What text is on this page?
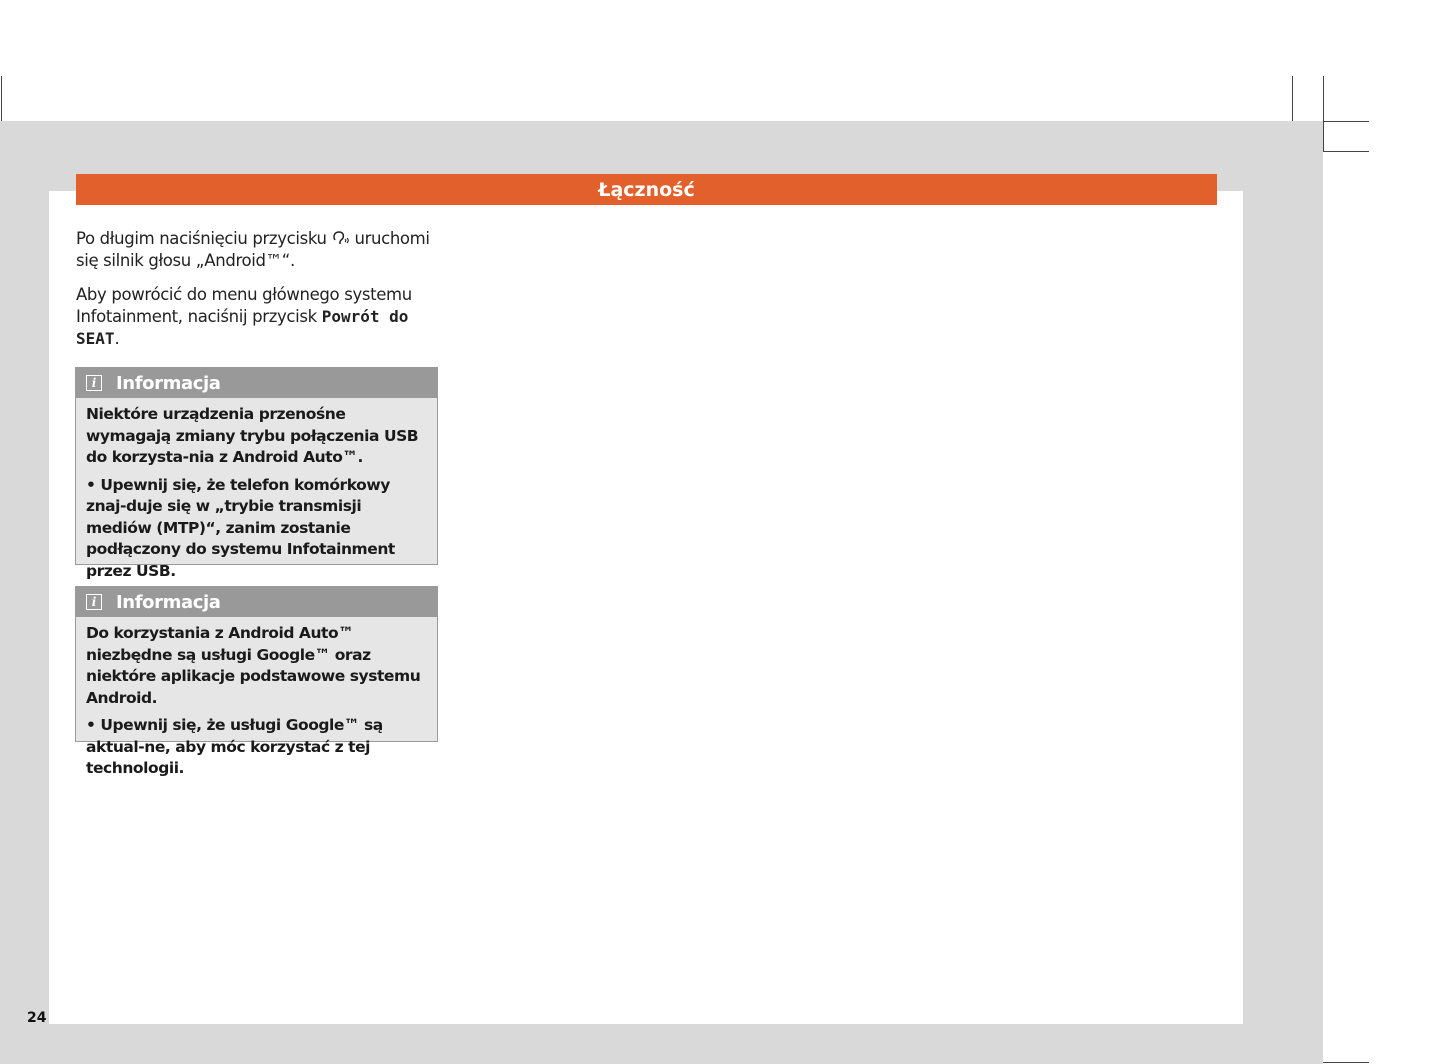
Łączność
Po długim naciśnięciu przycisku  uruchomi się silnik głosu „Android™“.
Aby powrócić do menu głównego systemu Infotainment, naciśnij przycisk Powrót do SEAT.
i	Informacja

Niektóre urządzenia przenośne wymagają zmiany trybu połączenia USB do korzysta-nia z Android Auto™.

• Upewnij się, że telefon komórkowy znaj-duje się w „trybie transmisji mediów (MTP)“, zanim zostanie podłączony do systemu Infotainment przez USB.

i	Informacja

Do korzystania z Android Auto™ niezbędne są usługi Google™ oraz niektóre aplikacje podstawowe systemu Android.

• Upewnij się, że usługi Google™ są aktual-ne, aby móc korzystać z tej technologii.

24
